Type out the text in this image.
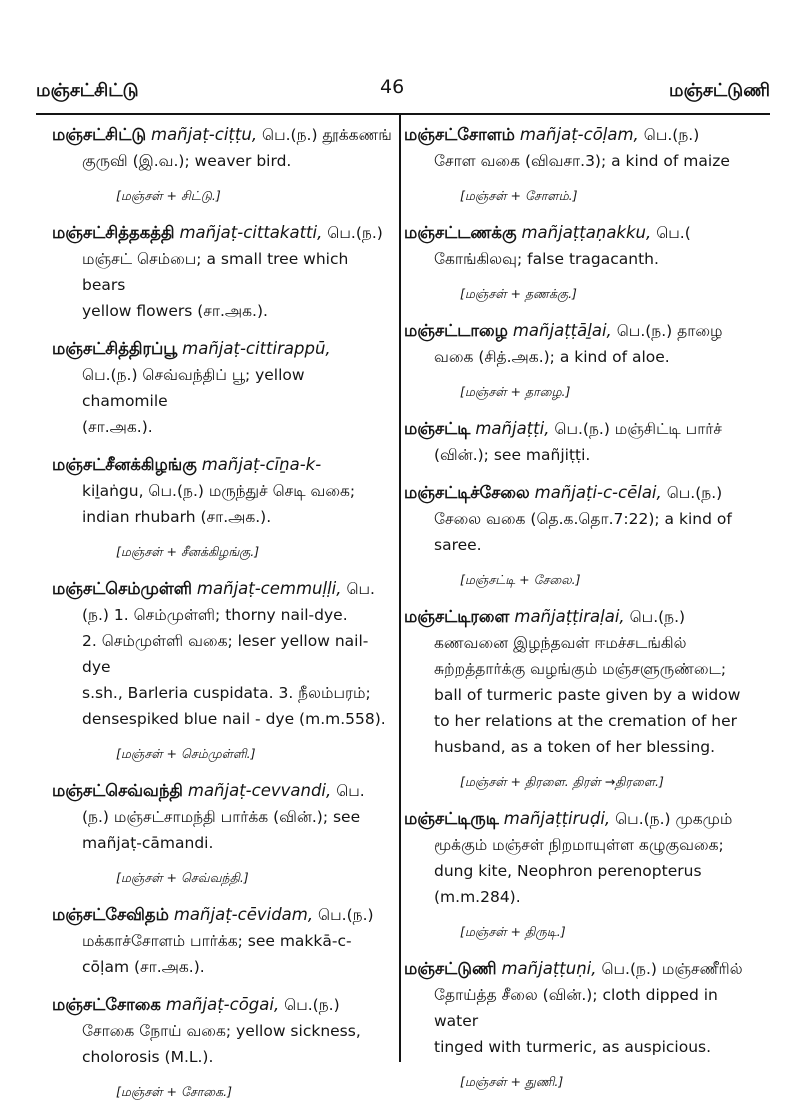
மஞ்சட்சிட்டு	46	மஞ்சட்டுணி
மஞ்சட்சிட்டு mañjaṭ-ciṭṭu, பெ.(ந.) தூக்கணங்
குருவி (இ.வ.); weaver bird.
[மஞ்சள் + சிட்டு.]
மஞ்சட்சித்தகத்தி mañjaṭ-cittakatti, பெ.(ந.)
மஞ்சட் செம்பை; a small tree which bears
yellow flowers (சா.அக.).
மஞ்சட்சித்திரப்பூ mañjaṭ-cittirappū,
பெ.(ந.) செவ்வந்திப் பூ; yellow chamomile
(சா.அக.).
மஞ்சட்சீனக்கிழங்கு mañjaṭ-cīṉa-k-
kiḻaṅgu, பெ.(ந.) மருந்துச் செடி வகை;
indian rhubarh (சா.அக.).
[மஞ்சள் + சீனக்கிழங்கு.]
மஞ்சட்செம்முள்ளி mañjaṭ-cemmuḷḷi, பெ.
(ந.) 1. செம்முள்ளி; thorny nail-dye.
2. செம்முள்ளி வகை; leser yellow nail-dye
s.sh., Barleria cuspidata. 3. நீலம்பரம்;
densespiked blue nail - dye (m.m.558).
[மஞ்சள் + செம்முள்ளி.]
மஞ்சட்செவ்வந்தி mañjaṭ-cevvandi, பெ.
(ந.) மஞ்சட்சாமந்தி பார்க்க (வின்.); see
mañjaṭ-cāmandi.
[மஞ்சள் + செவ்வந்தி.]
மஞ்சட்சேவிதம் mañjaṭ-cēvidam, பெ.(ந.)
மக்காச்சோளம் பார்க்க; see makkā-c-
cōḷam (சா.அக.).
மஞ்சட்சோகை mañjaṭ-cōgai, பெ.(ந.)
சோகை நோய் வகை; yellow sickness,
cholorosis (M.L.).
[மஞ்சள் + சோகை.]
மஞ்சட்சோளம் mañjaṭ-cōḷam, பெ.(ந.)
சோள வகை (விவசா.3); a kind of maize
[மஞ்சள் + சோளம்.]
மஞ்சட்டணக்கு mañjaṭṭaṇakku, பெ.(
கோங்கிலவு; false tragacanth.
[மஞ்சள் + தணக்கு.]
மஞ்சட்டாழை mañjaṭṭāḻai, பெ.(ந.) தாழை
வகை (சித்.அக.); a kind of aloe.
[மஞ்சள் + தாழை.]
மஞ்சட்டி mañjaṭṭi, பெ.(ந.) மஞ்சிட்டி பார்ச்
(வின்.); see mañjiṭṭi.
மஞ்சட்டிச்சேலை mañjaṭi-c-cēlai, பெ.(ந.)
சேலை வகை (தெ.க.தொ.7:22); a kind of
saree.
[மஞ்சட்டி + சேலை.]
மஞ்சட்டிரளை mañjaṭṭiraḷai, பெ.(ந.)
கணவனை இழந்தவள் ஈமச்சடங்கில்
சுற்றத்தார்க்கு வழங்கும் மஞ்சளுருண்டை;
ball of turmeric paste given by a widow
to her relations at the cremation of her
husband, as a token of her blessing.
[மஞ்சள் + திரளை. திரள் →திரளை.]
மஞ்சட்டிருடி mañjaṭṭiruḍi, பெ.(ந.) முகமும்
மூக்கும் மஞ்சள் நிறமாயுள்ள கழுகுவகை;
dung kite, Neophron perenopterus
(m.m.284).
[மஞ்சள் + திருடி.]
மஞ்சட்டுணி mañjaṭṭuṇi, பெ.(ந.) மஞ்சணீரில்
தோய்த்த சீலை (வின்.); cloth dipped in water
tinged with turmeric, as auspicious.
[மஞ்சள் + துணி.]
